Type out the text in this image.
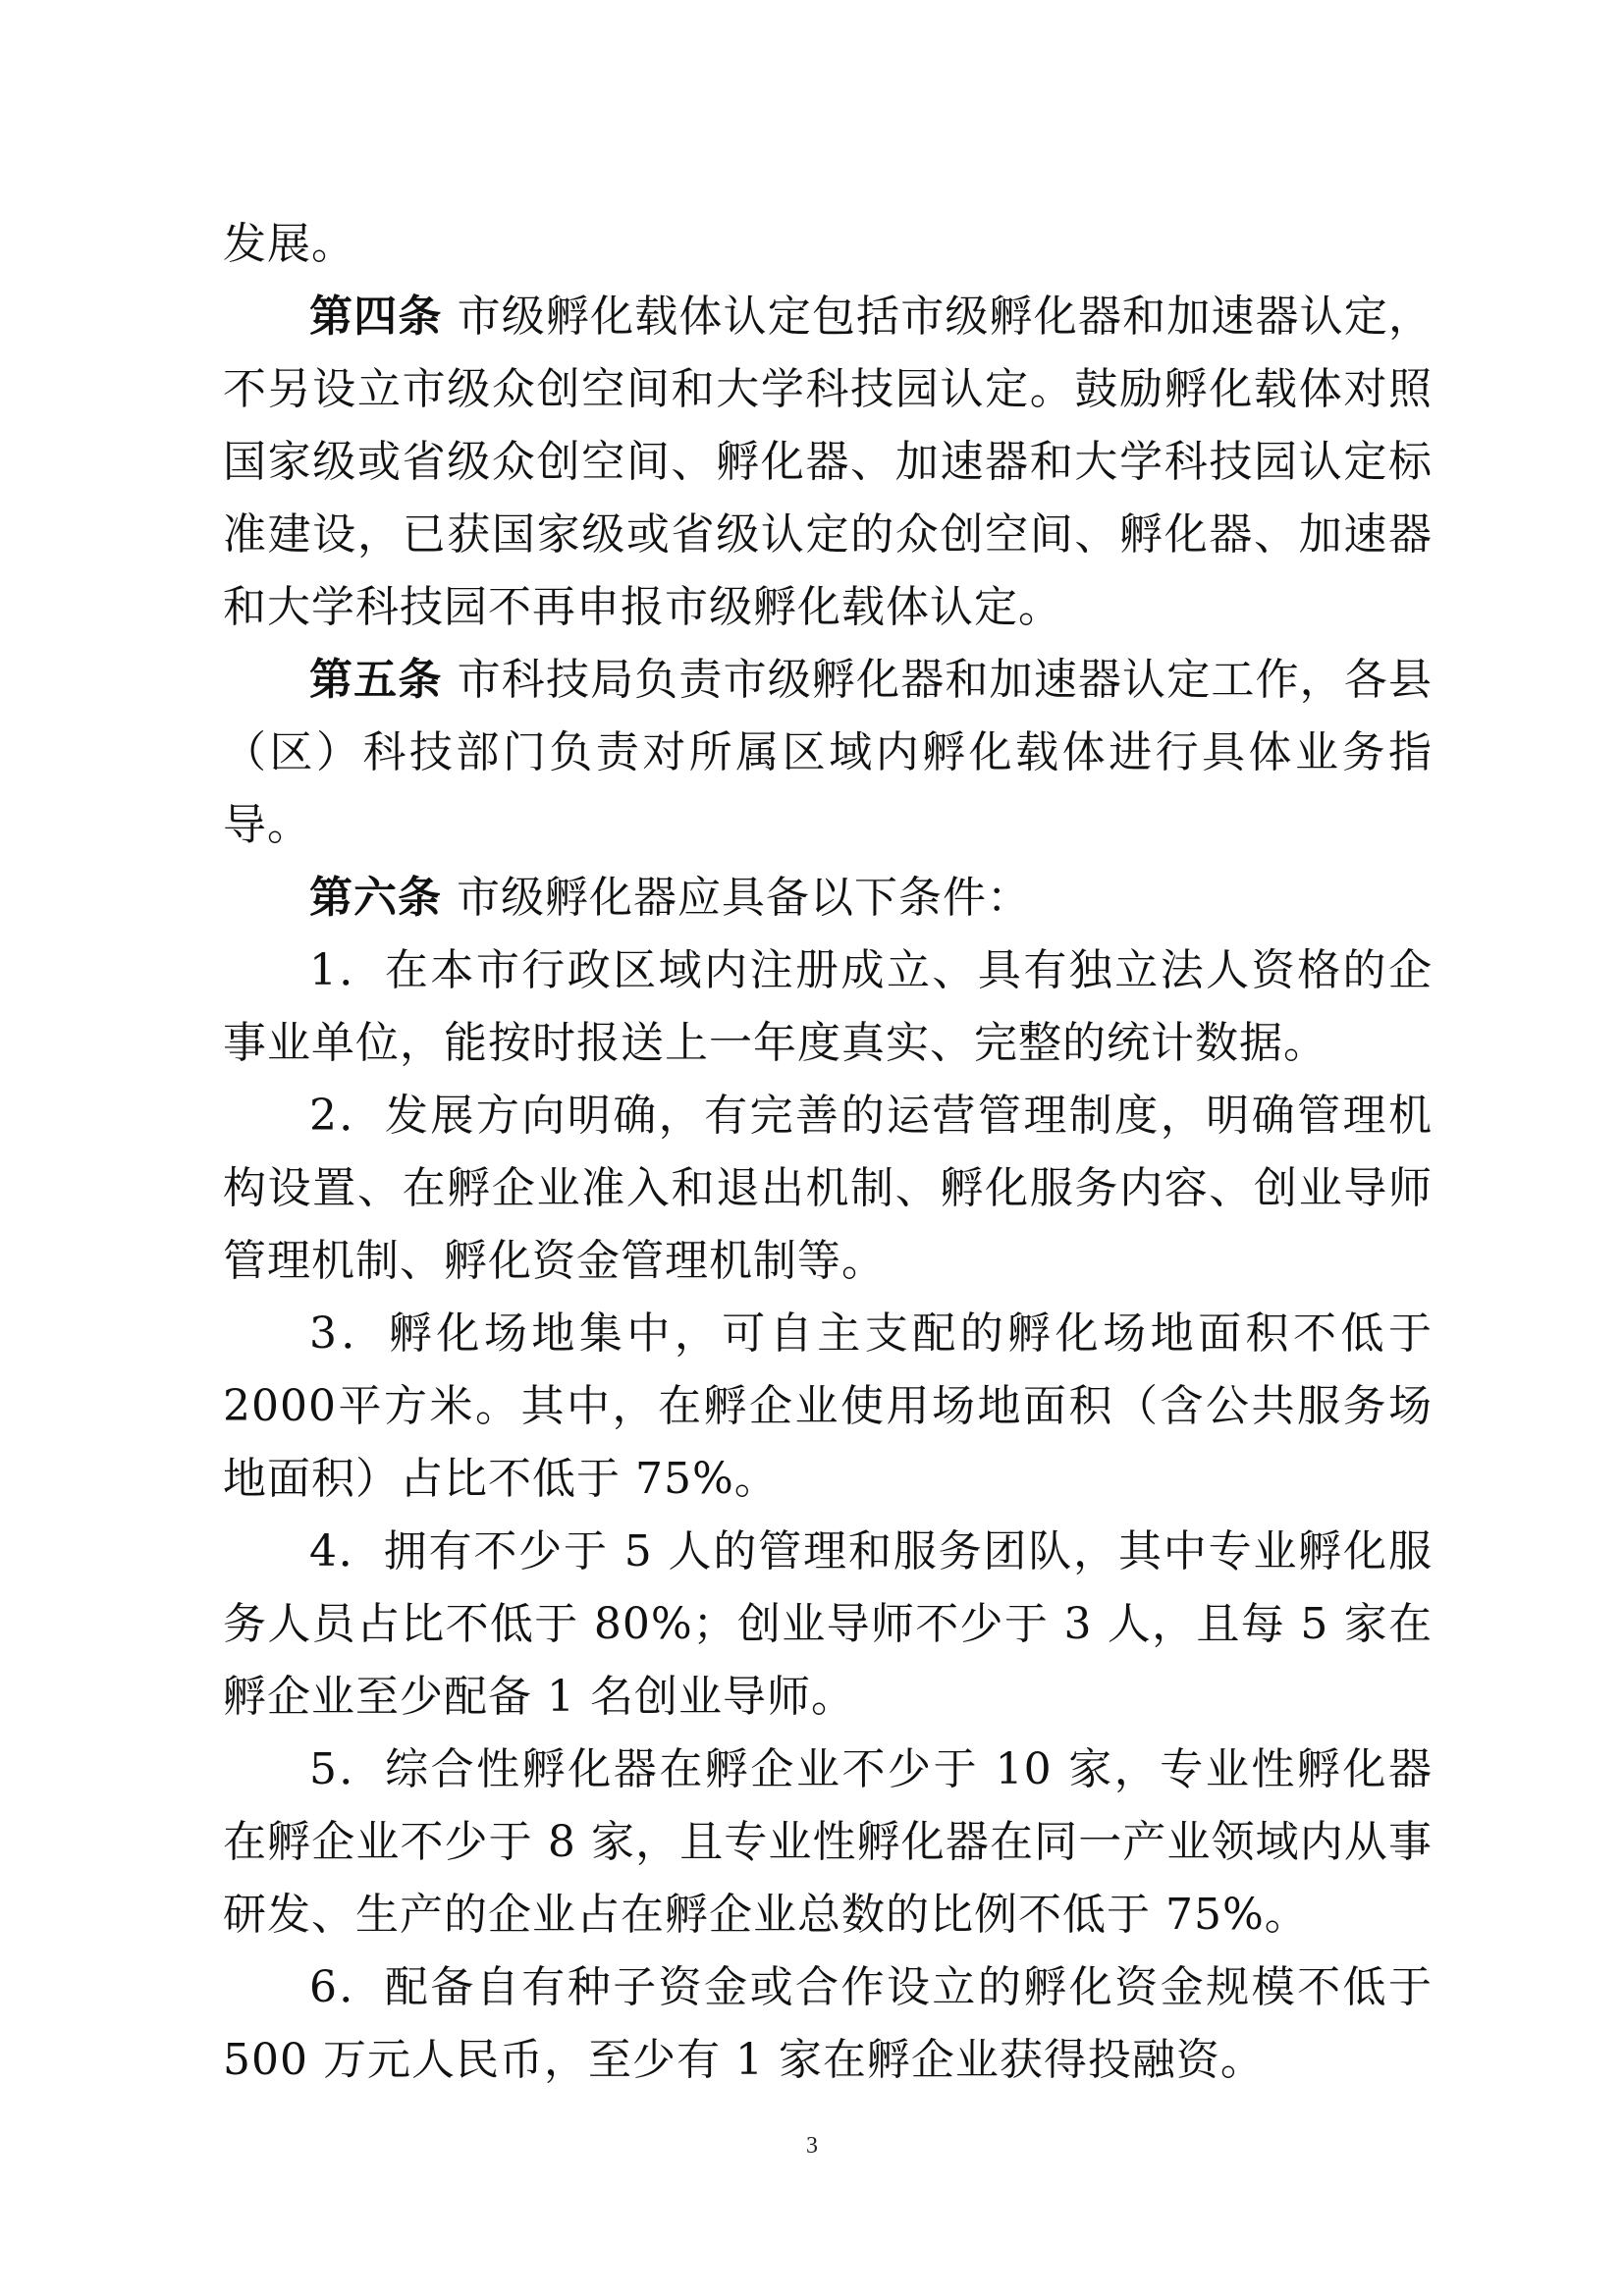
发展。

第四条 市级孵化载体认定包括市级孵化器和加速器认定，不另设立市级众创空间和大学科技园认定。鼓励孵化载体对照国家级或省级众创空间、孵化器、加速器和大学科技园认定标准建设，已获国家级或省级认定的众创空间、孵化器、加速器和大学科技园不再申报市级孵化载体认定。

第五条 市科技局负责市级孵化器和加速器认定工作，各县（区）科技部门负责对所属区域内孵化载体进行具体业务指导。

第六条 市级孵化器应具备以下条件：

1．在本市行政区域内注册成立、具有独立法人资格的企事业单位，能按时报送上一年度真实、完整的统计数据。

2．发展方向明确，有完善的运营管理制度，明确管理机构设置、在孵企业准入和退出机制、孵化服务内容、创业导师管理机制、孵化资金管理机制等。

3．孵化场地集中，可自主支配的孵化场地面积不低于 2000平方米。其中，在孵企业使用场地面积（含公共服务场地面积）占比不低于 75%。

4．拥有不少于 5 人的管理和服务团队，其中专业孵化服务人员占比不低于 80%；创业导师不少于 3 人，且每 5 家在孵企业至少配备 1 名创业导师。

5．综合性孵化器在孵企业不少于 10 家，专业性孵化器在孵企业不少于 8 家，且专业性孵化器在同一产业领域内从事研发、生产的企业占在孵企业总数的比例不低于 75%。

6．配备自有种子资金或合作设立的孵化资金规模不低于500 万元人民币，至少有 1 家在孵企业获得投融资。

3
